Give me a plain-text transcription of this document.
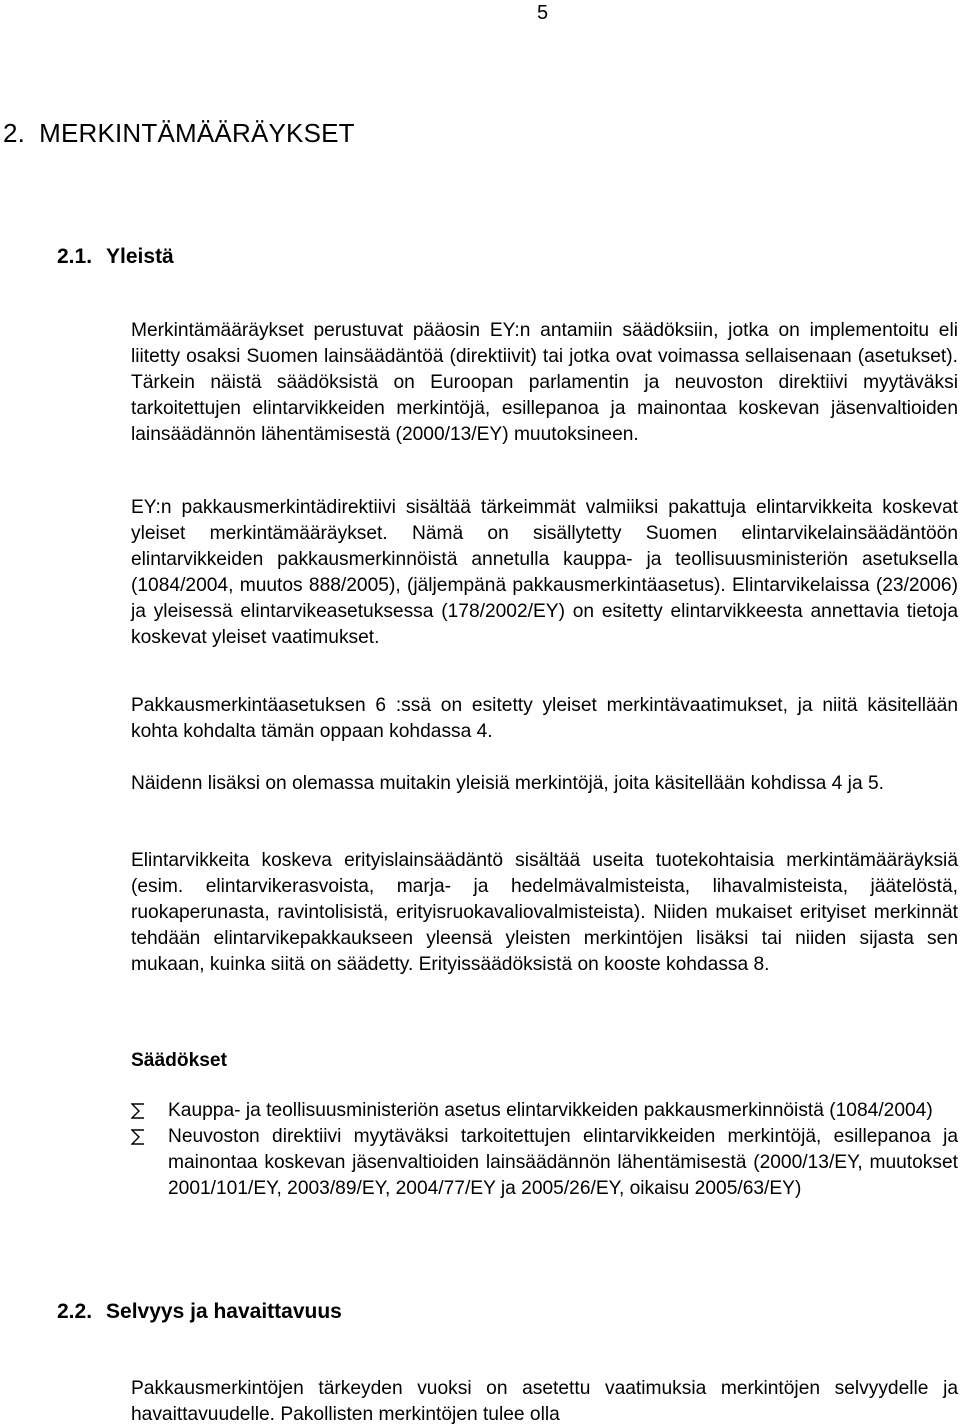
5
2. MERKINTÄMÄÄRÄYKSET
2.1. Yleistä

Merkintämääräykset perustuvat pääosin EY:n antamiin säädöksiin, jotka on implementoitu eli liitetty osaksi Suomen lainsäädäntöä (direktiivit) tai jotka ovat voimassa sellaisenaan (asetukset). Tärkein näistä säädöksistä on Euroopan parlamentin ja neuvoston direktiivi myytäväksi tarkoitettujen elintarvikkeiden merkintöjä, esillepanoa ja mainontaa koskevan jäsenvaltioiden lainsäädännön lähentämisestä (2000/13/EY) muutoksineen.

EY:n pakkausmerkintädirektiivi sisältää tärkeimmät valmiiksi pakattuja elintarvikkeita koskevat yleiset merkintämääräykset. Nämä on sisällytetty Suomen elintarvikelainsäädäntöön elintarvikkeiden pakkausmerkinnöistä annetulla kauppa- ja teollisuusministeriön asetuksella (1084/2004, muutos 888/2005), (jäljempänä pakkausmerkintäasetus). Elintarvikelaissa (23/2006) ja yleisessä elintarvikeasetuksessa (178/2002/EY) on esitetty elintarvikkeesta annettavia tietoja koskevat yleiset vaatimukset.

Pakkausmerkintäasetuksen 6 :ssä on esitetty yleiset merkintävaatimukset, ja niitä käsitellään kohta kohdalta tämän oppaan kohdassa 4.

Näidenn lisäksi on olemassa muitakin yleisiä merkintöjä, joita käsitellään kohdissa 4 ja 5.

Elintarvikkeita koskeva erityislainsäädäntö sisältää useita tuotekohtaisia merkintämääräyksiä (esim. elintarvikerasvoista, marja- ja hedelmävalmisteista, lihavalmisteista, jäätelöstä, ruokaperunasta, ravintolisistä, erityisruokavaliovalmisteista). Niiden mukaiset erityiset merkinnät tehdään elintarvikepakkaukseen yleensä yleisten merkintöjen lisäksi tai niiden sijasta sen mukaan, kuinka siitä on säädetty. Erityissäädöksistä on kooste kohdassa 8.

Säädökset
Kauppa- ja teollisuusministeriön asetus elintarvikkeiden pakkausmerkinnöistä (1084/2004)
Neuvoston direktiivi myytäväksi tarkoitettujen elintarvikkeiden merkintöjä, esillepanoa ja mainontaa koskevan jäsenvaltioiden lainsäädännön lähentämisestä (2000/13/EY, muutokset 2001/101/EY, 2003/89/EY, 2004/77/EY ja 2005/26/EY, oikaisu 2005/63/EY)
2.2. Selvyys ja havaittavuus

Pakkausmerkintöjen tärkeyden vuoksi on asetettu vaatimuksia merkintöjen selvyydelle ja havaittavuudelle. Pakollisten merkintöjen tulee olla
